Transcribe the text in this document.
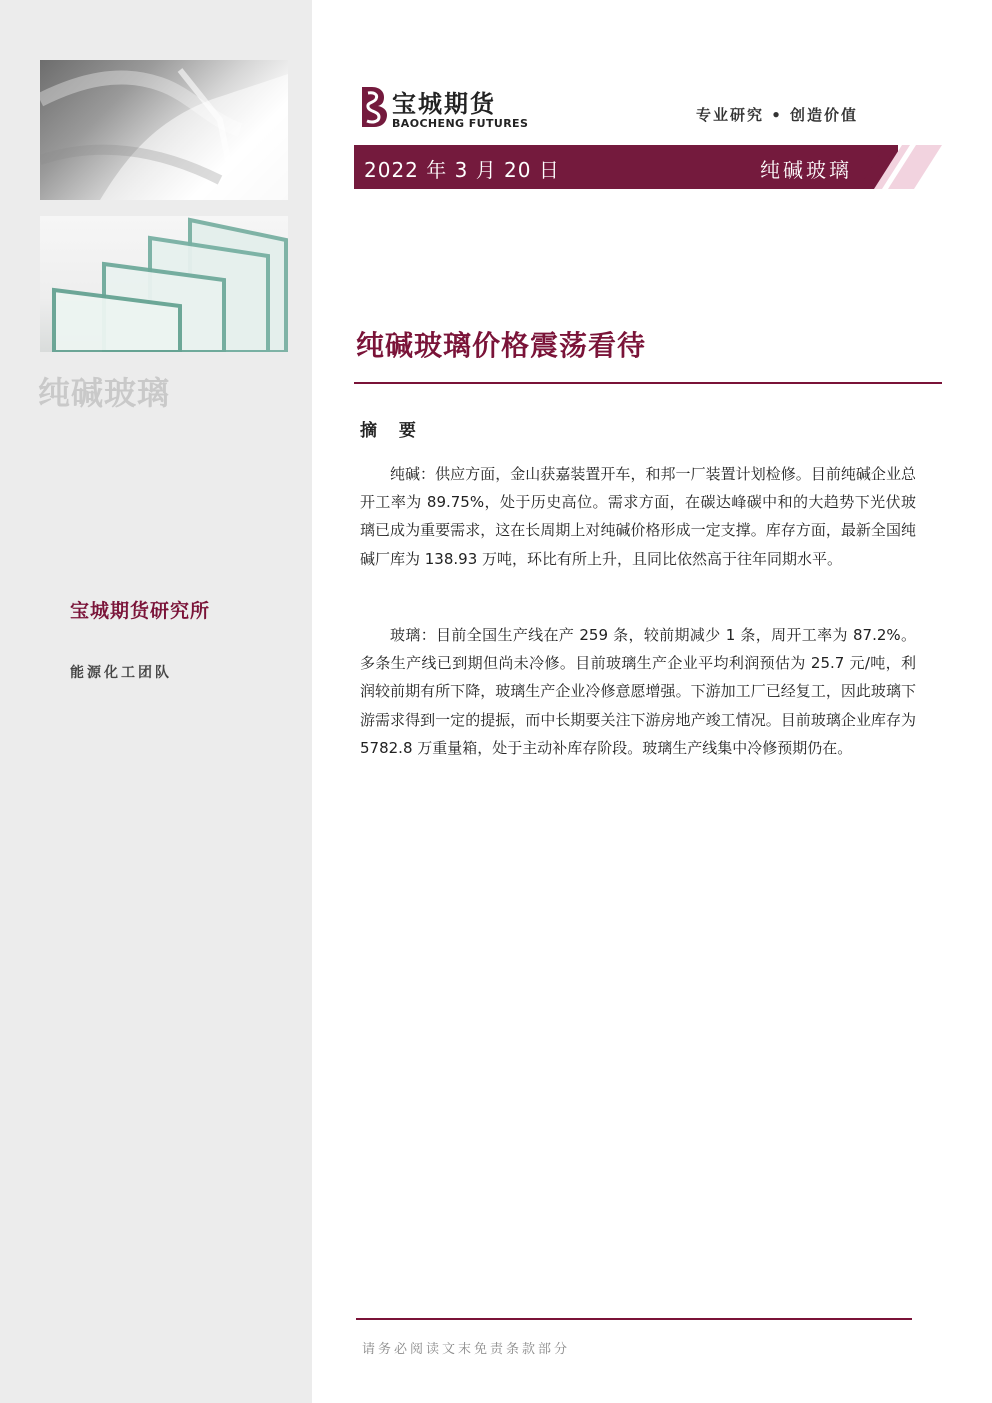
纯碱玻璃
宝城期货研究所
能源化工团队
宝城期货
BAOCHENG FUTURES	专业研究 • 创造价值
2022 年 3 月 20 日	纯碱玻璃
纯碱玻璃价格震荡看待
摘 要

纯碱：供应方面，金山获嘉装置开车，和邦一厂装置计划检修。目前纯碱企业总开工率为 89.75%，处于历史高位。需求方面，在碳达峰碳中和的大趋势下光伏玻璃已成为重要需求，这在长周期上对纯碱价格形成一定支撑。库存方面，最新全国纯碱厂库为 138.93 万吨，环比有所上升，且同比依然高于往年同期水平。

玻璃：目前全国生产线在产 259 条，较前期减少 1 条，周开工率为 87.2%。多条生产线已到期但尚未冷修。目前玻璃生产企业平均利润预估为 25.7 元/吨，利润较前期有所下降，玻璃生产企业冷修意愿增强。下游加工厂已经复工，因此玻璃下游需求得到一定的提振，而中长期要关注下游房地产竣工情况。目前玻璃企业库存为 5782.8 万重量箱，处于主动补库存阶段。玻璃生产线集中冷修预期仍在。

请务必阅读文末免责条款部分
